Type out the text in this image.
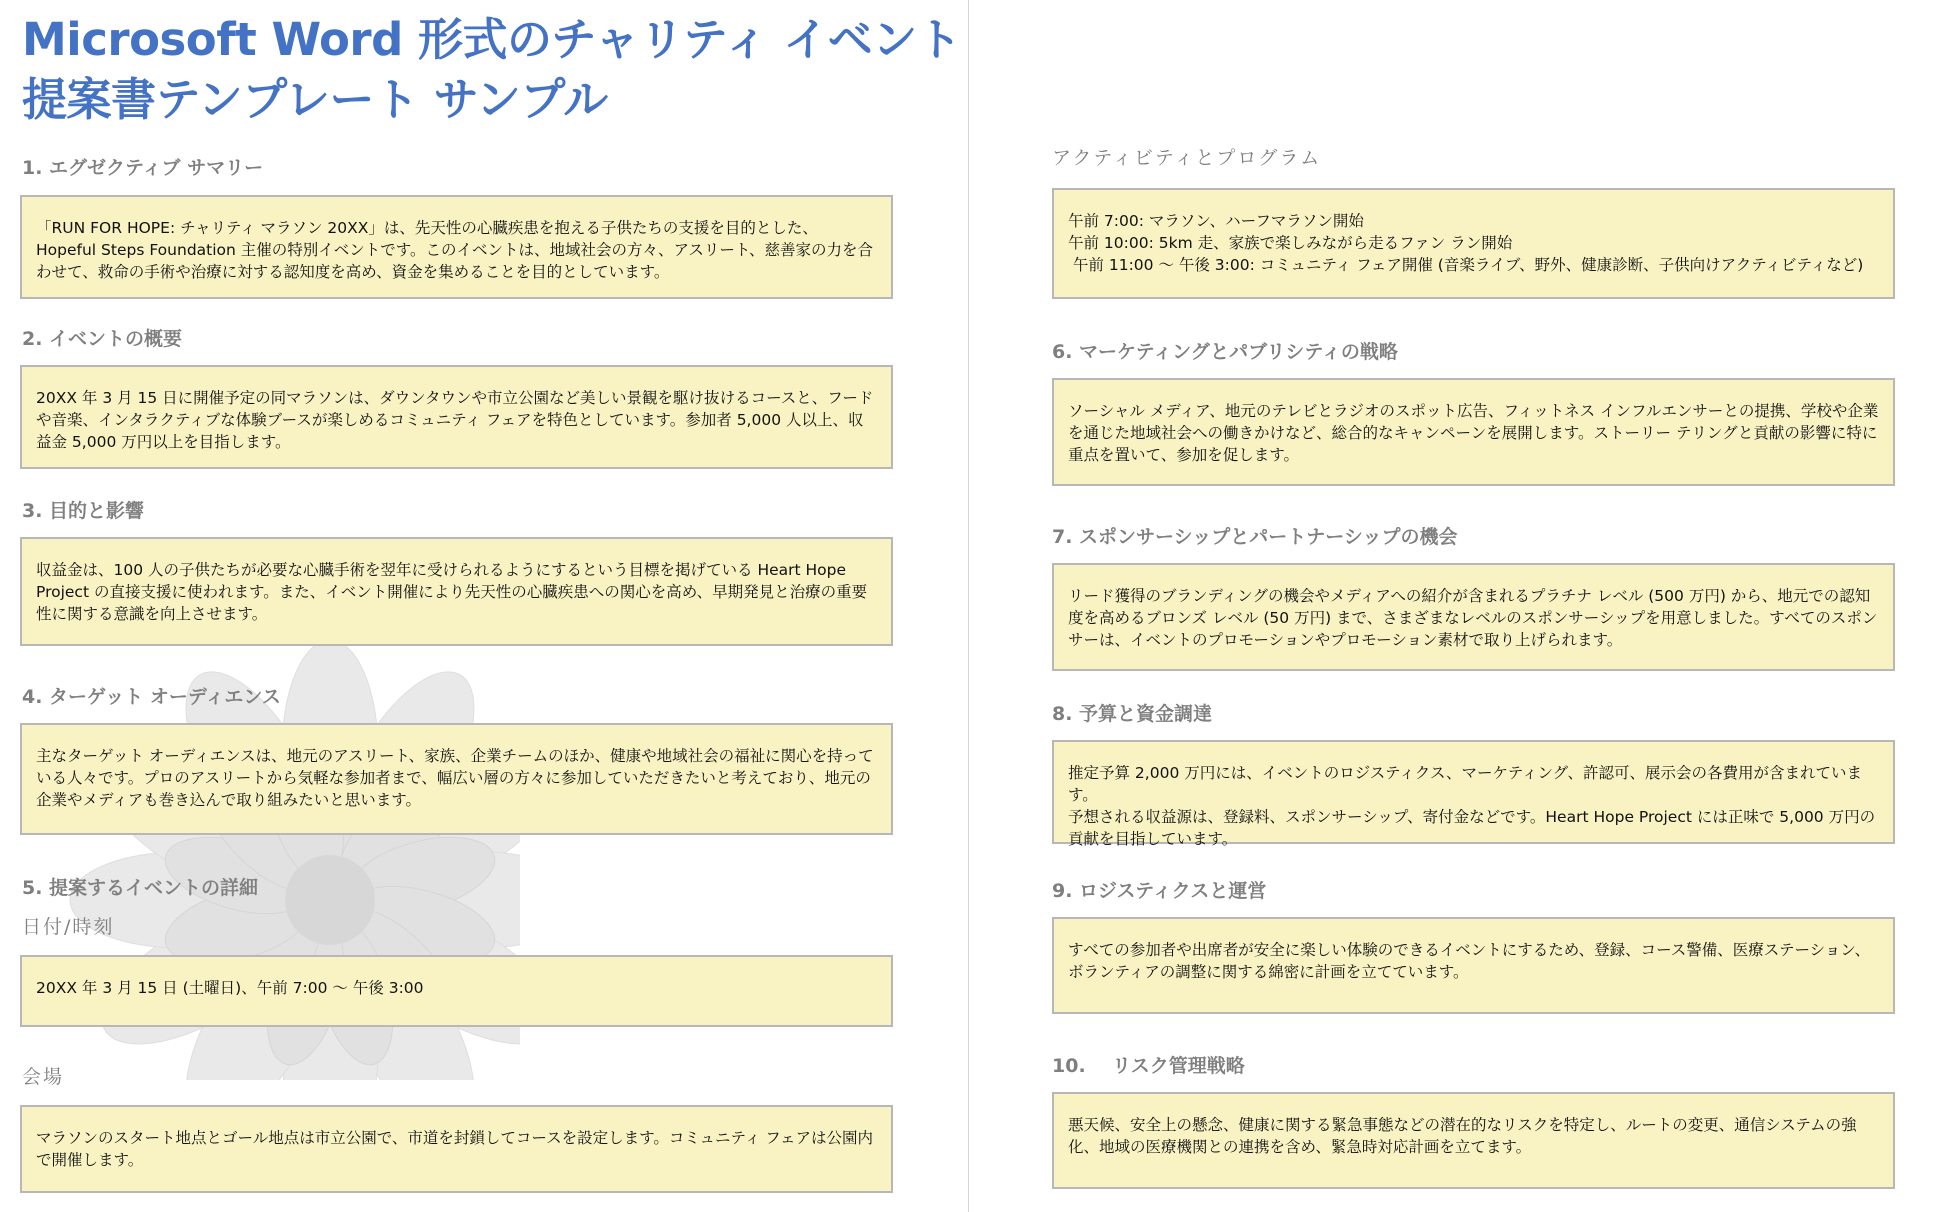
Microsoft Word 形式のチャリティ イベント
提案書テンプレート サンプル
1. エグゼクティブ サマリー

「RUN FOR HOPE: チャリティ マラソン 20XX」は、先天性の心臓疾患を抱える子供たちの支援を目的とした、Hopeful Steps Foundation 主催の特別イベントです。このイベントは、地域社会の方々、アスリート、慈善家の力を合わせて、救命の手術や治療に対する認知度を高め、資金を集めることを目的としています。

2. イベントの概要

20XX 年 3 月 15 日に開催予定の同マラソンは、ダウンタウンや市立公園など美しい景観を駆け抜けるコースと、フードや音楽、インタラクティブな体験ブースが楽しめるコミュニティ フェアを特色としています。参加者 5,000 人以上、収益金 5,000 万円以上を目指します。

3. 目的と影響

収益金は、100 人の子供たちが必要な心臓手術を翌年に受けられるようにするという目標を掲げている Heart Hope Project の直接支援に使われます。また、イベント開催により先天性の心臓疾患への関心を高め、早期発見と治療の重要性に関する意識を向上させます。

4. ターゲット オーディエンス

主なターゲット オーディエンスは、地元のアスリート、家族、企業チームのほか、健康や地域社会の福祉に関心を持っている人々です。プロのアスリートから気軽な参加者まで、幅広い層の方々に参加していただきたいと考えており、地元の企業やメディアも巻き込んで取り組みたいと思います。

5. 提案するイベントの詳細
日付/時刻

20XX 年 3 月 15 日 (土曜日)、午前 7:00 ～ 午後 3:00

会場

マラソンのスタート地点とゴール地点は市立公園で、市道を封鎖してコースを設定します。コミュニティ フェアは公園内で開催します。

アクティビティとプログラム

午前 7:00: マラソン、ハーフマラソン開始

午前 10:00: 5km 走、家族で楽しみながら走るファン ラン開始

午前 11:00 ～ 午後 3:00: コミュニティ フェア開催 (音楽ライブ、野外、健康診断、子供向けアクティビティなど)

6. マーケティングとパブリシティの戦略

ソーシャル メディア、地元のテレビとラジオのスポット広告、フィットネス インフルエンサーとの提携、学校や企業を通じた地域社会への働きかけなど、総合的なキャンペーンを展開します。ストーリー テリングと貢献の影響に特に重点を置いて、参加を促します。

7. スポンサーシップとパートナーシップの機会

リード獲得のブランディングの機会やメディアへの紹介が含まれるプラチナ レベル (500 万円) から、地元での認知度を高めるブロンズ レベル (50 万円) まで、さまざまなレベルのスポンサーシップを用意しました。すべてのスポンサーは、イベントのプロモーションやプロモーション素材で取り上げられます。

8. 予算と資金調達

推定予算 2,000 万円には、イベントのロジスティクス、マーケティング、許認可、展示会の各費用が含まれています。

予想される収益源は、登録料、スポンサーシップ、寄付金などです。Heart Hope Project には正味で 5,000 万円の貢献を目指しています。

9. ロジスティクスと運営

すべての参加者や出席者が安全に楽しい体験のできるイベントにするため、登録、コース警備、医療ステーション、ボランティアの調整に関する綿密に計画を立てています。

10.    リスク管理戦略

悪天候、安全上の懸念、健康に関する緊急事態などの潜在的なリスクを特定し、ルートの変更、通信システムの強化、地域の医療機関との連携を含め、緊急時対応計画を立てます。
